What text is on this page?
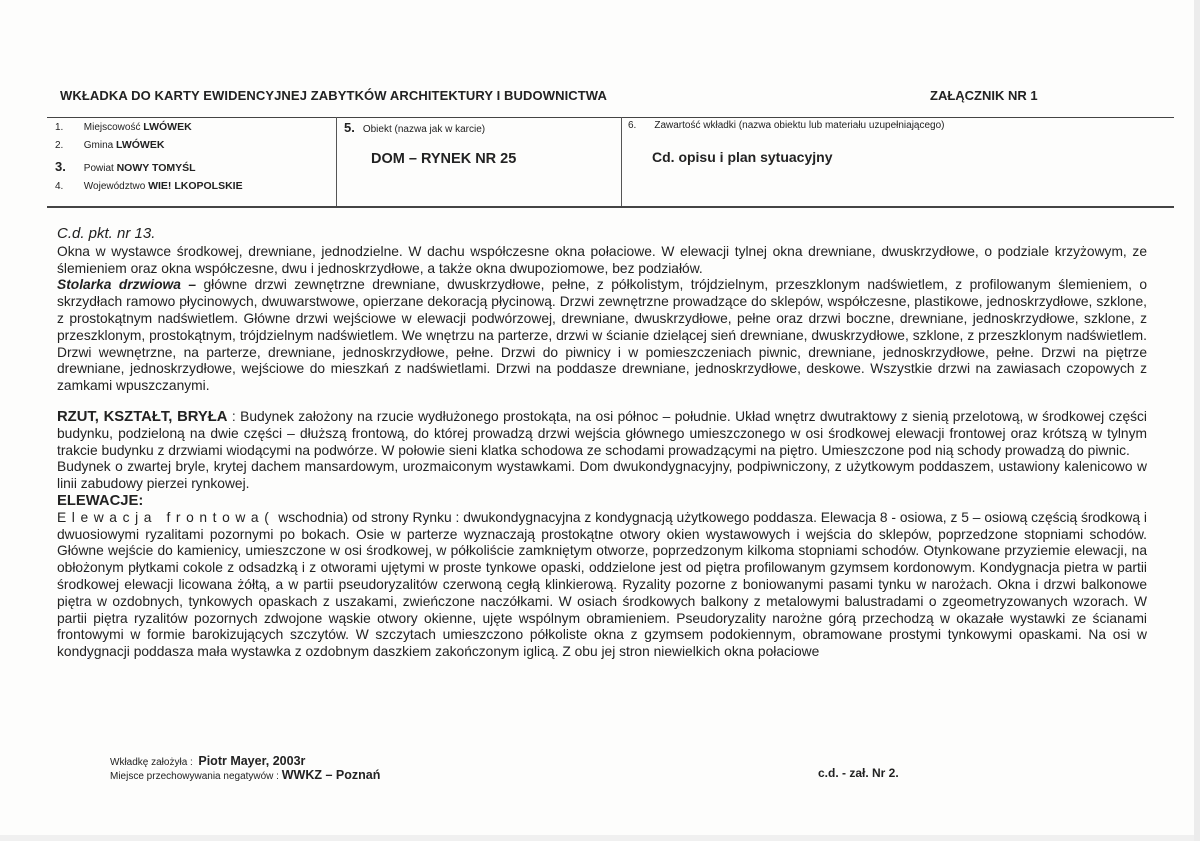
WKŁADKA DO KARTY EWIDENCYJNEJ ZABYTKÓW ARCHITEKTURY I BUDOWNICTWA	ZAŁĄCZNIK NR 1
1. Miejscowość LWÓWEK
2. Gmina LWÓWEK
3. Powiat NOWY TOMYŚL
4. Województwo WIE! LKOPOLSKIE
5. Obiekt (nazwa jak w karcie)
DOM – RYNEK NR 25
6. Zawartość wkładki (nazwa obiektu lub materiału uzupełniającego)
Cd. opisu i plan sytuacyjny
C.d. pkt. nr 13.

Okna w wystawce środkowej, drewniane, jednodzielne. W dachu współczesne okna połaciowe. W elewacji tylnej okna drewniane, dwuskrzydłowe, o podziale krzyżowym, ze ślemieniem oraz okna współczesne, dwu i jednoskrzydłowe, a także okna dwupoziomowe, bez podziałów.

Stolarka drzwiowa – główne drzwi zewnętrzne drewniane, dwuskrzydłowe, pełne, z półkolistym, trójdzielnym, przeszklonym nadświetlem, z profilowanym ślemieniem, o skrzydłach ramowo płycinowych, dwuwarstwowe, opierzane dekoracją płycinową. Drzwi zewnętrzne prowadzące do sklepów, współczesne, plastikowe, jednoskrzydłowe, szklone, z prostokątnym nadświetlem. Główne drzwi wejściowe w elewacji podwórzowej, drewniane, dwuskrzydłowe, pełne oraz drzwi boczne, drewniane, jednoskrzydłowe, szklone, z przeszklonym, prostokątnym, trójdzielnym nadświetlem. We wnętrzu na parterze, drzwi w ścianie dzielącej sień drewniane, dwuskrzydłowe, szklone, z przeszklonym nadświetlem. Drzwi wewnętrzne, na parterze, drewniane, jednoskrzydłowe, pełne. Drzwi do piwnicy i w pomieszczeniach piwnic, drewniane, jednoskrzydłowe, pełne. Drzwi na piętrze drewniane, jednoskrzydłowe, wejściowe do mieszkań z nadświetlami. Drzwi na poddasze drewniane, jednoskrzydłowe, deskowe. Wszystkie drzwi na zawiasach czopowych z zamkami wpuszczanymi.

RZUT, KSZTAŁT, BRYŁA : Budynek założony na rzucie wydłużonego prostokąta, na osi północ – południe. Układ wnętrz dwutraktowy z sienią przelotową, w środkowej części budynku, podzieloną na dwie części – dłuższą frontową, do której prowadzą drzwi wejścia głównego umieszczonego w osi środkowej elewacji frontowej oraz krótszą w tylnym trakcie budynku z drzwiami wiodącymi na podwórze. W połowie sieni klatka schodowa ze schodami prowadzącymi na piętro. Umieszczone pod nią schody prowadzą do piwnic.

Budynek o zwartej bryle, krytej dachem mansardowym, urozmaiconym wystawkami. Dom dwukondygnacyjny, podpiwniczony, z użytkowym poddaszem, ustawiony kalenicowo w linii zabudowy pierzei rynkowej.

ELEWACJE:

Elewacja frontowa( wschodnia) od strony Rynku : dwukondygnacyjna z kondygnacją użytkowego poddasza. Elewacja 8 - osiowa, z 5 – osiową częścią środkową i dwuosiowymi ryzalitami pozornymi po bokach. Osie w parterze wyznaczają prostokątne otwory okien wystawowych i wejścia do sklepów, poprzedzone stopniami schodów. Główne wejście do kamienicy, umieszczone w osi środkowej, w półkoliście zamkniętym otworze, poprzedzonym kilkoma stopniami schodów. Otynkowane przyziemie elewacji, na obłożonym płytkami cokole z odsadzką i z otworami ujętymi w proste tynkowe opaski, oddzielone jest od piętra profilowanym gzymsem kordonowym. Kondygnacja pietra w partii środkowej elewacji licowana żółtą, a w partii pseudoryzalitów czerwoną cegłą klinkierową. Ryzality pozorne z boniowanymi pasami tynku w narożach. Okna i drzwi balkonowe piętra w ozdobnych, tynkowych opaskach z uszakami, zwieńczone naczółkami. W osiach środkowych balkony z metalowymi balustradami o zgeometryzowanych wzorach. W partii piętra ryzalitów pozornych zdwojone wąskie otwory okienne, ujęte wspólnym obramieniem. Pseudoryzality narożne górą przechodzą w okazałe wystawki ze ścianami frontowymi w formie barokizujących szczytów. W szczytach umieszczono półkoliste okna z gzymsem podokiennym, obramowane prostymi tynkowymi opaskami. Na osi w kondygnacji poddasza mała wystawka z ozdobnym daszkiem zakończonym iglicą. Z obu jej stron niewielkich okna połaciowe

Wkładkę założyła : Piotr Mayer, 2003r
Miejsce przechowywania negatywów : WWKZ – Poznań	c.d. - zał. Nr 2.
